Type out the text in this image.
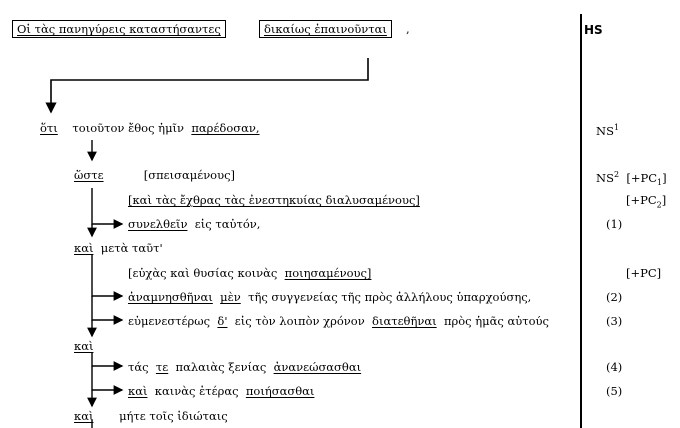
Οἱ τὰς πανηγύρεις καταστήσαντες	δικαίως ἐπαινοῦνται	,	HS
ὅτι τοιοῦτον ἔθος ἡμῖν παρέδοσαν,	$NS^1$
ὥστε	[σπεισαμένους]	$NS^2$ $[+PC_1]$
[καὶ τὰς ἔχθρας τὰς ἐνεστηκυίας διαλυσαμένους]	$[+PC_2]$
συνελθεῖν εἰς ταὐτόν,	(1)
καὶ μετὰ ταῦτ'
[εὐχὰς καὶ θυσίας κοινὰς ποιησαμένους]	[+PC]
ἀναμνησθῆναι μὲν τῆς συγγενείας τῆς πρὸς ἀλλήλους ὑπαρχούσης,	(2)
εὐμενεστέρως δ' εἰς τὸν λοιπὸν χρόνον διατεθῆναι πρὸς ἡμᾶς αὐτούς	(3)
καὶ
τάς τε παλαιὰς ξενίας ἀνανεώσασθαι	(4)
καὶ καινὰς ἑτέρας ποιήσασθαι	(5)
καὶ μήτε τοῖς ἰδιώταις
